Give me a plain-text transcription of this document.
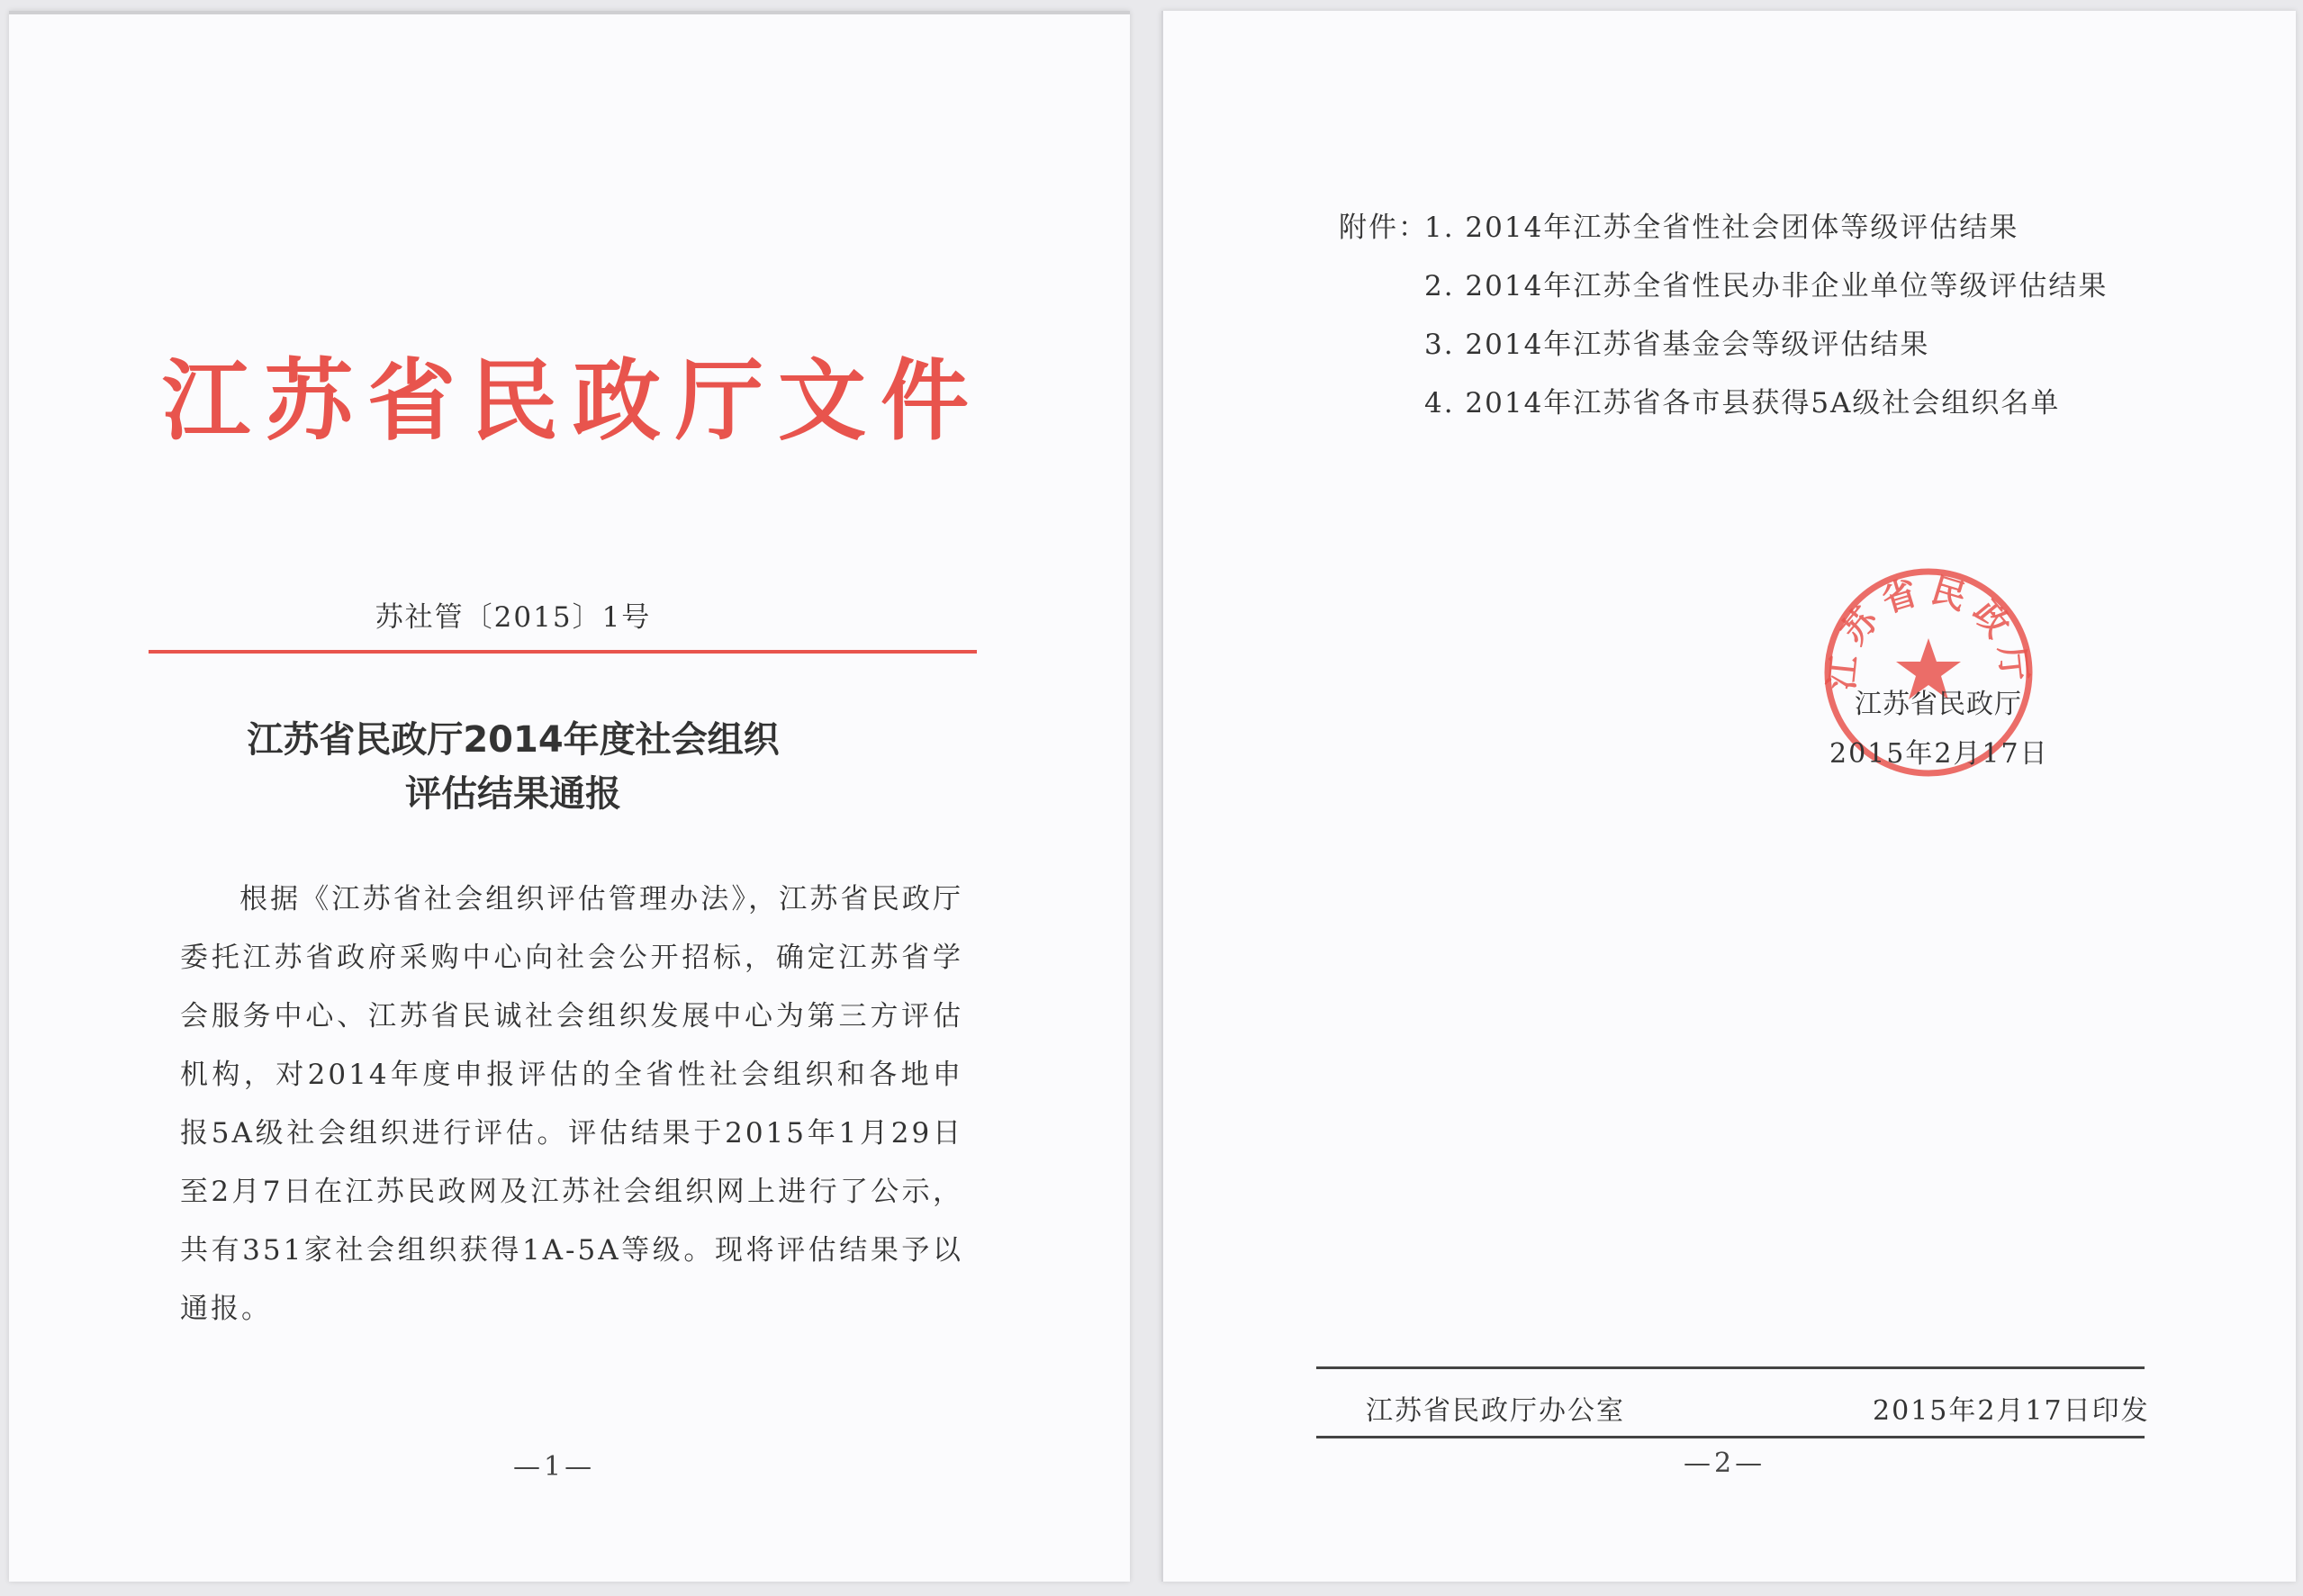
江苏省民政厅文件
苏社管〔2015〕1号
江苏省民政厅2014年度社会组织
评估结果通报

根据《江苏省社会组织评估管理办法》，江苏省民政厅委托江苏省政府采购中心向社会公开招标，确定江苏省学会服务中心、江苏省民诚社会组织发展中心为第三方评估机构，对2014年度申报评估的全省性社会组织和各地申报5A级社会组织进行评估。评估结果于2015年1月29日至2月7日在江苏民政网及江苏社会组织网上进行了公示，共有351家社会组织获得1A-5A等级。现将评估结果予以通报。

—1—
附件：
1. 2014年江苏全省性社会团体等级评估结果
2. 2014年江苏全省性民办非企业单位等级评估结果
3. 2014年江苏省基金会等级评估结果
4. 2014年江苏省各市县获得5A级社会组织名单
江苏省民政厅
江苏省民政厅
2015年2月17日
江苏省民政厅办公室	2015年2月17日印发
—2—
